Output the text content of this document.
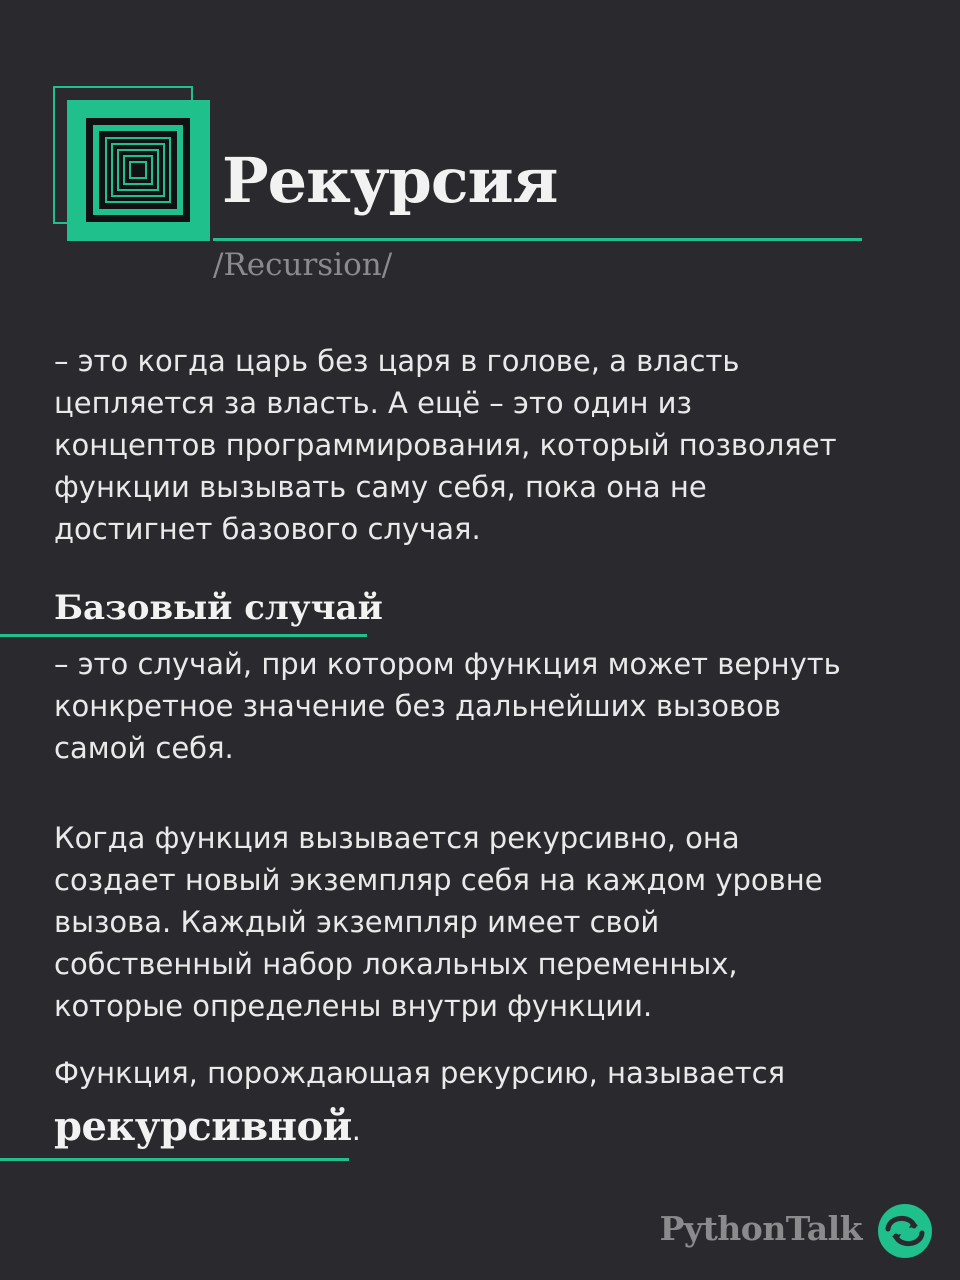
Рекурсия
/Recursion/

– это когда царь без царя в голове, а власть
цепляется за власть. А ещё – это один из
концептов программирования, который позволяет
функции вызывать саму себя, пока она не
достигнет базового случая.

Базовый случай

– это случай, при котором функция может вернуть
конкретное значение без дальнейших вызовов
самой себя.

Когда функция вызывается рекурсивно, она
создает новый экземпляр себя на каждом уровне
вызова. Каждый экземпляр имеет свой
собственный набор локальных переменных,
которые определены внутри функции.

Функция, порождающая рекурсию, называется

рекурсивной.
PythonTalk
